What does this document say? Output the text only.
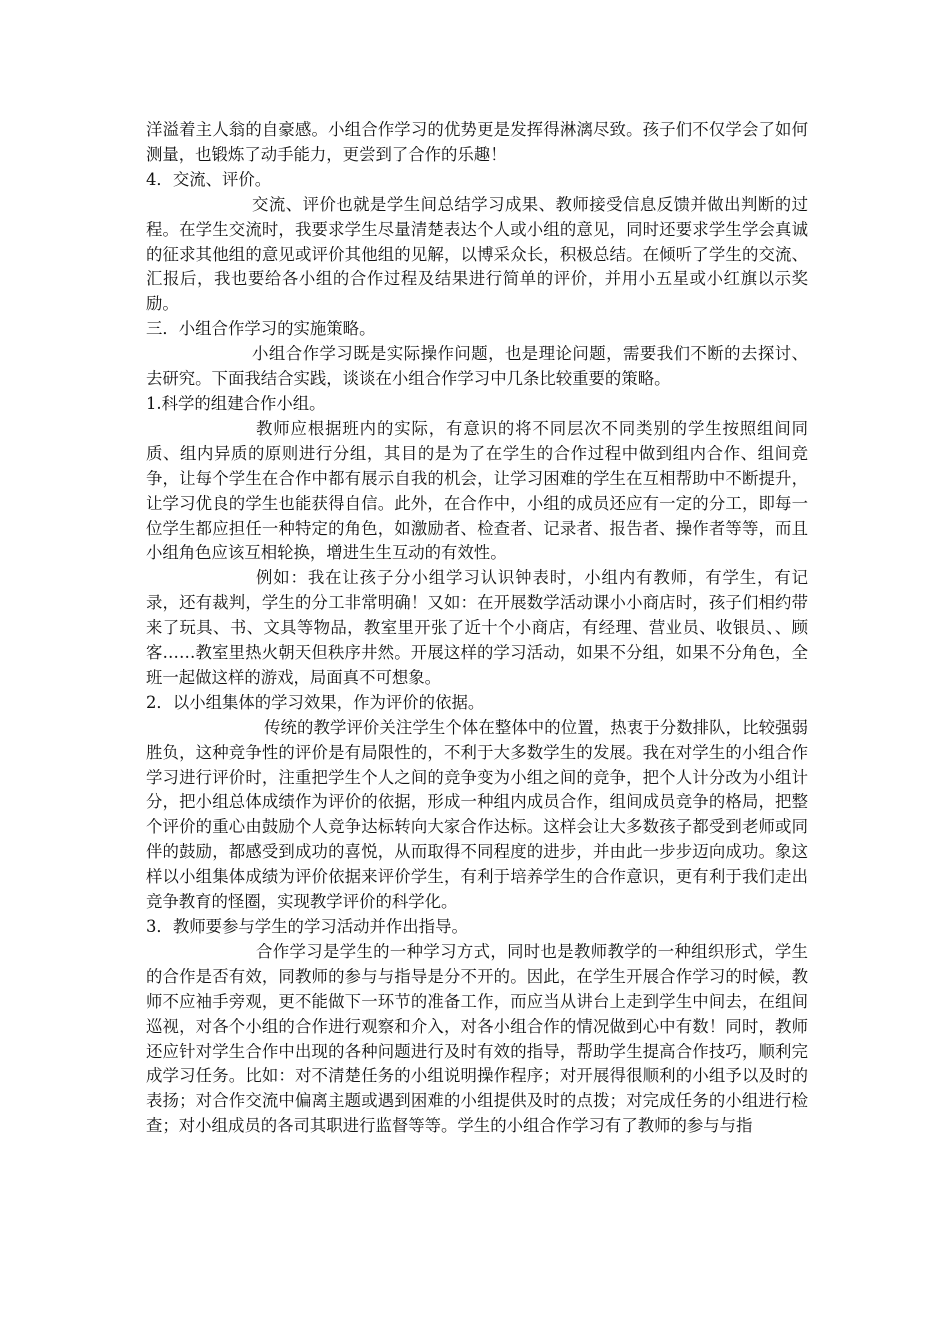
洋溢着主人翁的自豪感。小组合作学习的优势更是发挥得淋漓尽致。孩子们不仅学会了如何测量，也锻炼了动手能力，更尝到了合作的乐趣！

4．交流、评价。

交流、评价也就是学生间总结学习成果、教师接受信息反馈并做出判断的过程。在学生交流时，我要求学生尽量清楚表达个人或小组的意见，同时还要求学生学会真诚的征求其他组的意见或评价其他组的见解，以博采众长，积极总结。在倾听了学生的交流、汇报后，我也要给各小组的合作过程及结果进行简单的评价，并用小五星或小红旗以示奖励。

三．小组合作学习的实施策略。

小组合作学习既是实际操作问题，也是理论问题，需要我们不断的去探讨、去研究。下面我结合实践，谈谈在小组合作学习中几条比较重要的策略。

1.科学的组建合作小组。

教师应根据班内的实际，有意识的将不同层次不同类别的学生按照组间同质、组内异质的原则进行分组，其目的是为了在学生的合作过程中做到组内合作、组间竞争，让每个学生在合作中都有展示自我的机会，让学习困难的学生在互相帮助中不断提升，让学习优良的学生也能获得自信。此外，在合作中，小组的成员还应有一定的分工，即每一位学生都应担任一种特定的角色，如激励者、检查者、记录者、报告者、操作者等等，而且小组角色应该互相轮换，增进生生互动的有效性。

例如：我在让孩子分小组学习认识钟表时，小组内有教师，有学生，有记录，还有裁判，学生的分工非常明确！又如：在开展数学活动课小小商店时，孩子们相约带来了玩具、书、文具等物品，教室里开张了近十个小商店，有经理、营业员、收银员、、顾客……教室里热火朝天但秩序井然。开展这样的学习活动，如果不分组，如果不分角色，全班一起做这样的游戏，局面真不可想象。

2．以小组集体的学习效果，作为评价的依据。

传统的教学评价关注学生个体在整体中的位置，热衷于分数排队，比较强弱胜负，这种竞争性的评价是有局限性的，不利于大多数学生的发展。我在对学生的小组合作学习进行评价时，注重把学生个人之间的竞争变为小组之间的竞争，把个人计分改为小组计分，把小组总体成绩作为评价的依据，形成一种组内成员合作，组间成员竞争的格局，把整个评价的重心由鼓励个人竞争达标转向大家合作达标。这样会让大多数孩子都受到老师或同伴的鼓励，都感受到成功的喜悦，从而取得不同程度的进步，并由此一步步迈向成功。象这样以小组集体成绩为评价依据来评价学生，有利于培养学生的合作意识，更有利于我们走出竞争教育的怪圈，实现教学评价的科学化。

3．教师要参与学生的学习活动并作出指导。

合作学习是学生的一种学习方式，同时也是教师教学的一种组织形式，学生的合作是否有效，同教师的参与与指导是分不开的。因此，在学生开展合作学习的时候，教师不应袖手旁观，更不能做下一环节的准备工作，而应当从讲台上走到学生中间去，在组间巡视，对各个小组的合作进行观察和介入，对各小组合作的情况做到心中有数！同时，教师还应针对学生合作中出现的各种问题进行及时有效的指导，帮助学生提高合作技巧，顺利完成学习任务。比如：对不清楚任务的小组说明操作程序；对开展得很顺利的小组予以及时的表扬；对合作交流中偏离主题或遇到困难的小组提供及时的点拨；对完成任务的小组进行检查；对小组成员的各司其职进行监督等等。学生的小组合作学习有了教师的参与与指
